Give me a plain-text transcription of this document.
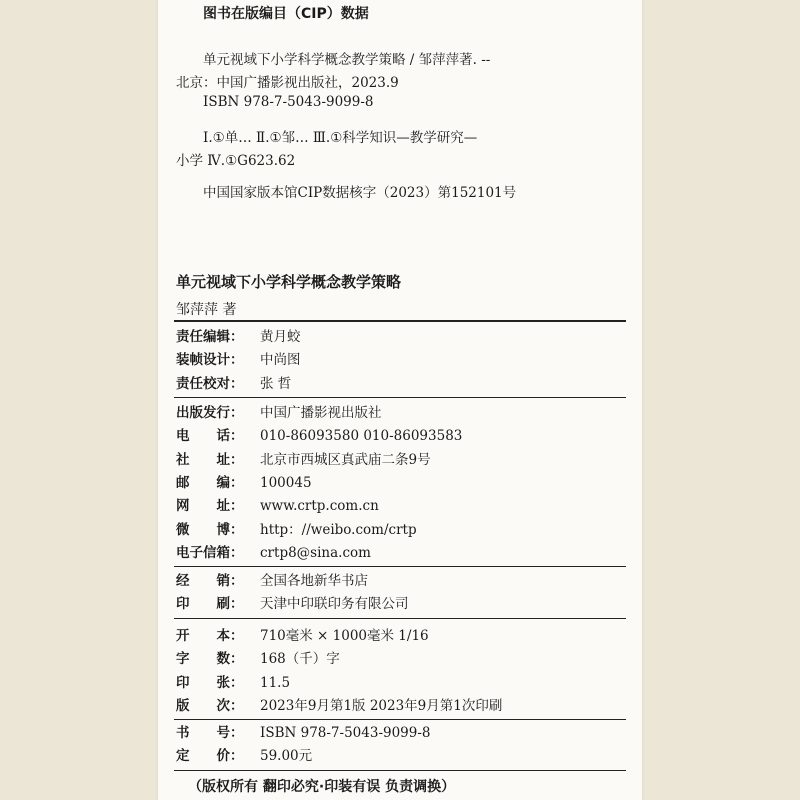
图书在版编目（CIP）数据
单元视域下小学科学概念教学策略 / 邹萍萍著. --
北京：中国广播影视出版社，2023.9
ISBN 978-7-5043-9099-8
Ⅰ.①单… Ⅱ.①邹… Ⅲ.①科学知识—教学研究—
小学 Ⅳ.①G623.62
中国国家版本馆CIP数据核字（2023）第152101号
单元视域下小学科学概念教学策略
邹萍萍 著
（版权所有 翻印必究·印装有误 负责调换）
责任编辑：	黄月蛟
装帧设计：	中尚图
责任校对：	张 哲
出版发行：	中国广播影视出版社
电　　话：	010-86093580 010-86093583
社　　址：	北京市西城区真武庙二条9号
邮　　编：	100045
网　　址：	www.crtp.com.cn
微　　博：	http：//weibo.com/crtp
电子信箱：	crtp8@sina.com
经　　销：	全国各地新华书店
印　　刷：	天津中印联印务有限公司
开　　本：	710毫米 × 1000毫米 1/16
字　　数：	168（千）字
印　　张：	11.5
版　　次：	2023年9月第1版 2023年9月第1次印刷
书　　号：	ISBN 978-7-5043-9099-8
定　　价：	59.00元
